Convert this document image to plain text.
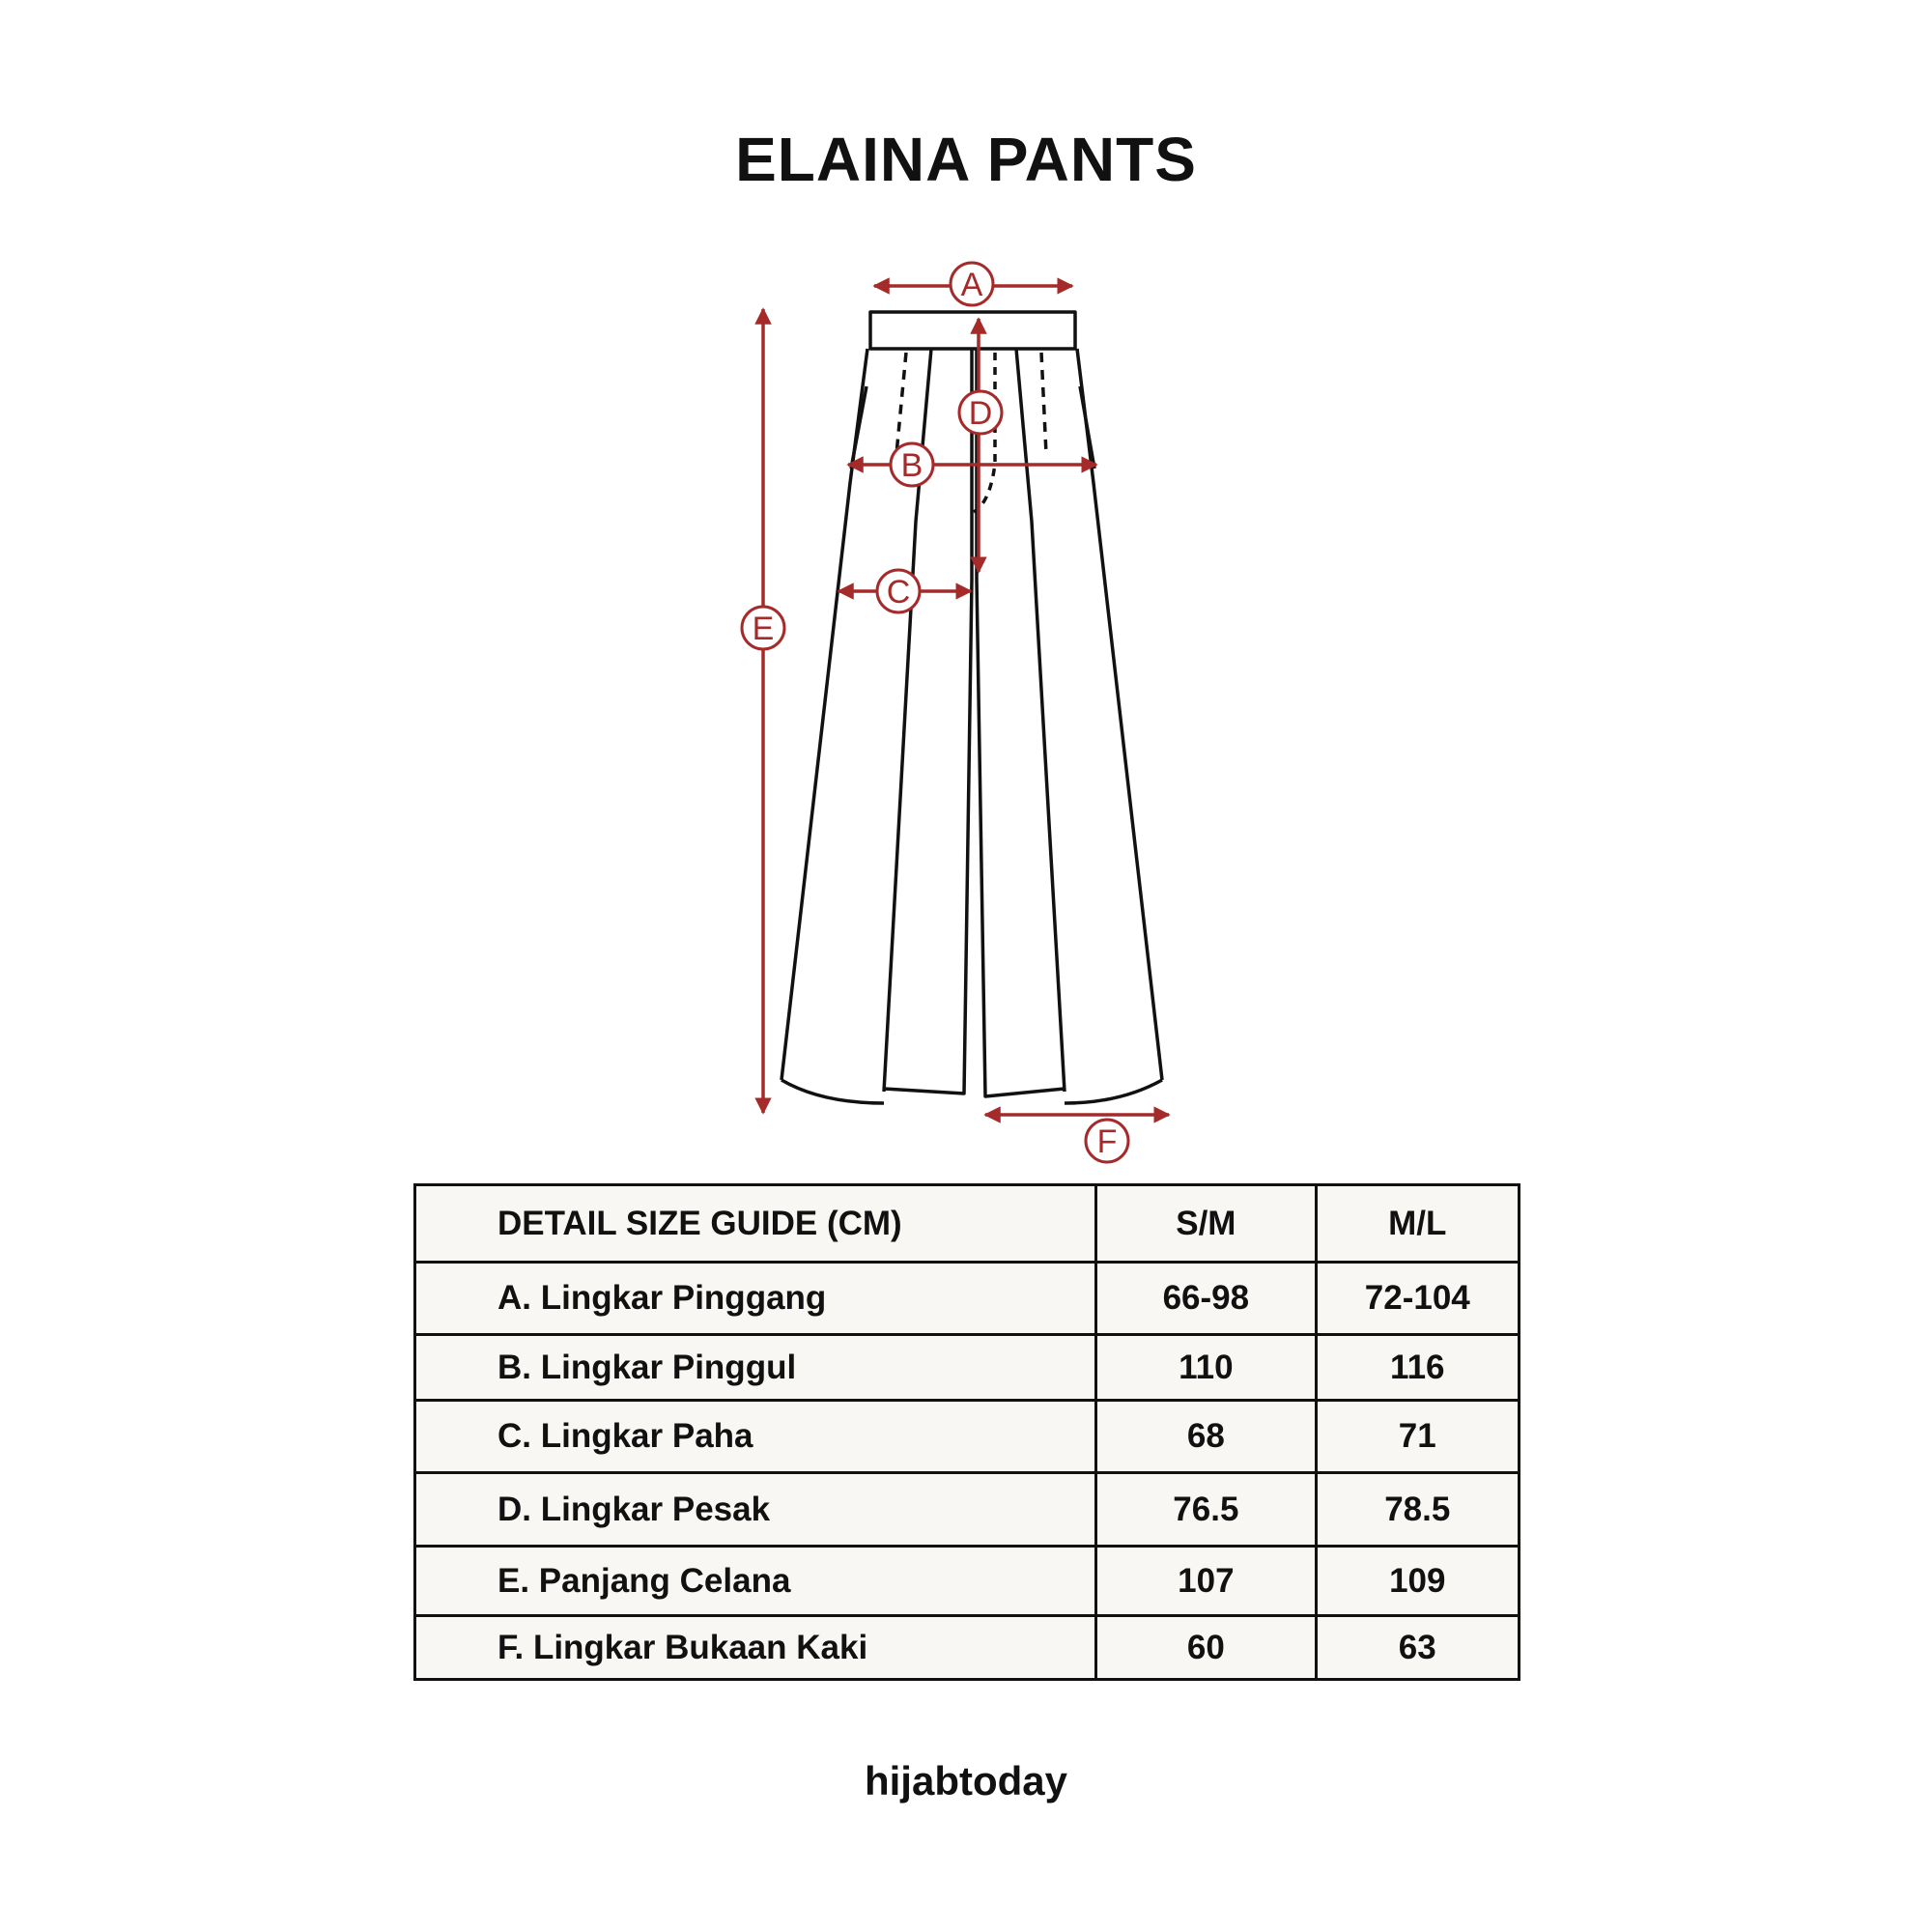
ELAINA PANTS
A
B
C
D
E
F
DETAIL SIZE GUIDE (CM)	S/M	M/L
A. Lingkar Pinggang	66-98	72-104
B. Lingkar Pinggul	110	116
C. Lingkar Paha	68	71
D. Lingkar Pesak	76.5	78.5
E. Panjang Celana	107	109
F. Lingkar Bukaan Kaki	60	63
hijabtoday
